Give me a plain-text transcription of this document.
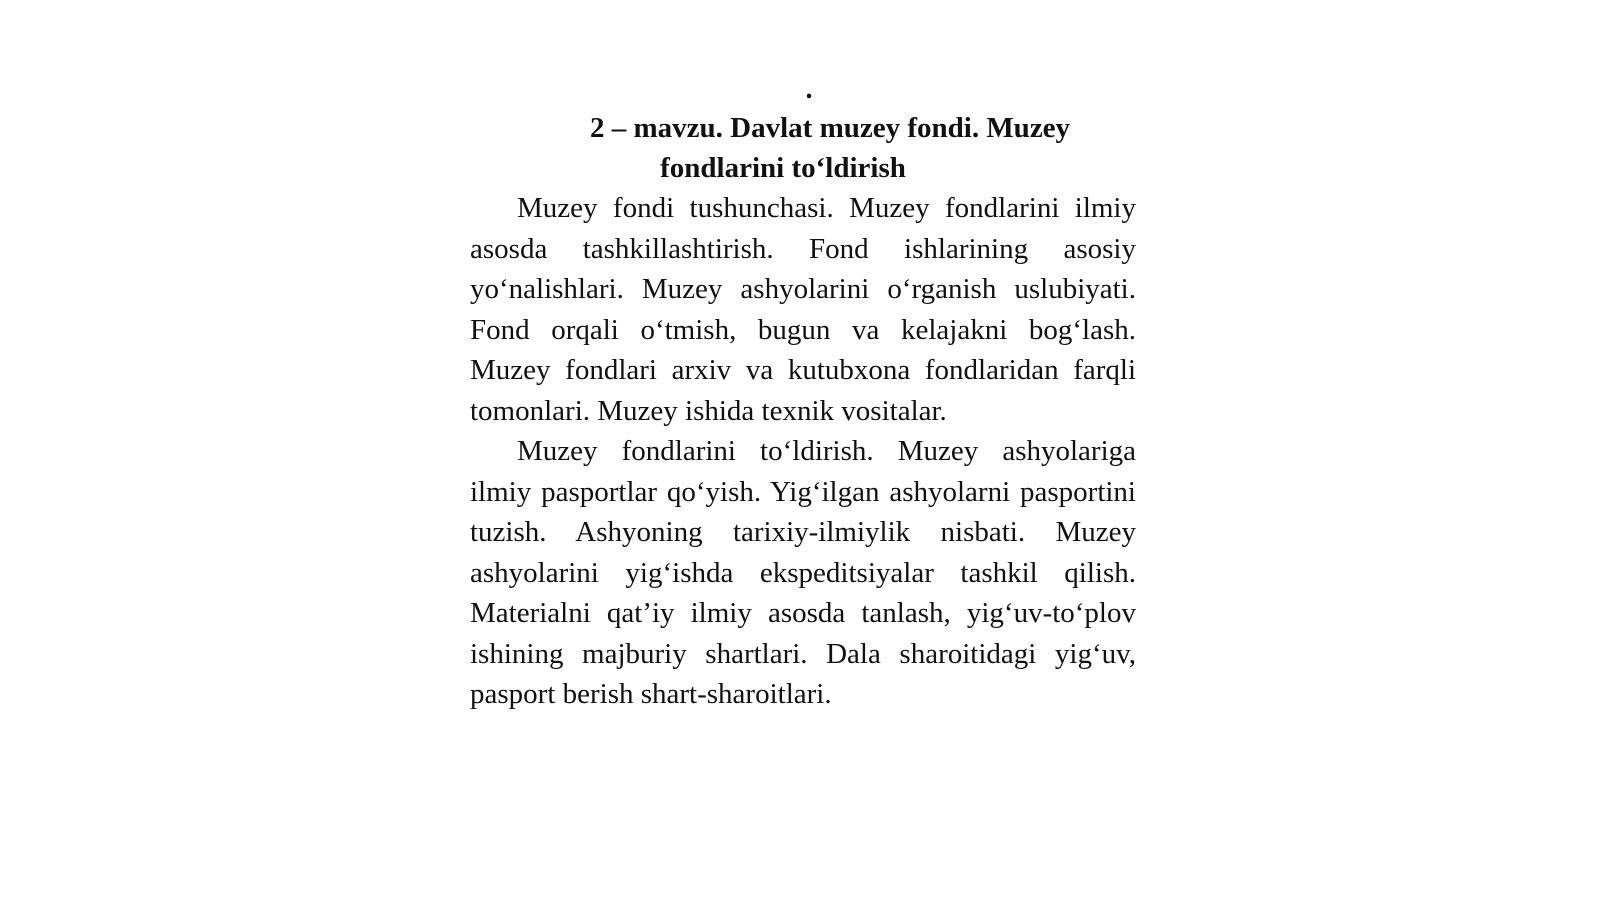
.
2 – mavzu. Davlat muzey fondi. Muzey
fondlarini to‘ldirish

Muzey fondi tushunchasi. Muzey fondlarini ilmiy asosda tashkillashtirish. Fond ishlarining asosiy yo‘nalishlari. Muzey ashyolarini o‘rganish uslubiyati. Fond orqali o‘tmish, bugun va kelajakni bog‘lash. Muzey fondlari arxiv va kutubxona fondlaridan farqli tomonlari. Muzey ishida texnik vositalar.

Muzey fondlarini to‘ldirish. Muzey ashyolariga ilmiy pasportlar qo‘yish. Yig‘ilgan ashyolarni pasportini tuzish. Ashyoning tarixiy-ilmiylik nisbati. Muzey ashyolarini yig‘ishda ekspeditsiyalar tashkil qilish. Materialni qat’iy ilmiy asosda tanlash, yig‘uv-to‘plov ishining majburiy shartlari. Dala sharoitidagi yig‘uv, pasport berish shart-sharoitlari.
